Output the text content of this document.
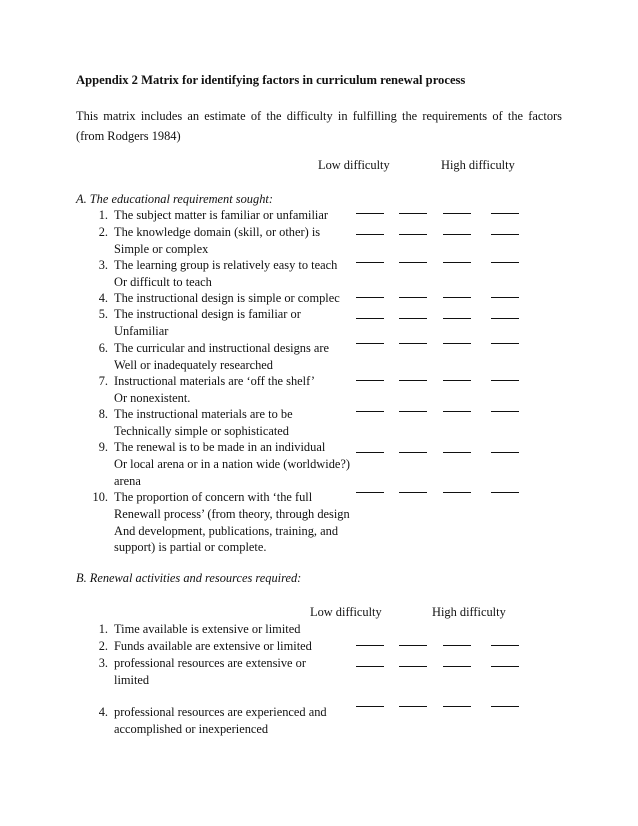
Appendix 2 Matrix for identifying factors in curriculum renewal process
This matrix includes an estimate of the difficulty in fulfilling the requirements of the factors (from Rodgers 1984)
Low difficulty	High difficulty
A. The educational requirement sought:
1. The subject matter is familiar or unfamiliar
2. The knowledge domain (skill, or other) is
Simple or complex
3. The learning group is relatively easy to teach
Or difficult to teach
4. The instructional design is simple or complec
5. The instructional design is familiar or
Unfamiliar
6. The curricular and instructional designs are
Well or inadequately researched
7. Instructional materials are ‘off the shelf’
Or nonexistent.
8. The instructional materials are to be
Technically simple or sophisticated
9. The renewal is to be made in an individual
Or local arena or in a nation wide (worldwide?)
arena
10. The proportion of concern with ‘the full
Renewall process’ (from theory, through design
And development, publications, training, and
support) is partial or complete.
B. Renewal activities and resources required:
Low difficulty	High difficulty
1. Time available is extensive or limited
2. Funds available are extensive or limited
3. professional resources are extensive or
limited
4. professional resources are experienced and
accomplished or inexperienced
